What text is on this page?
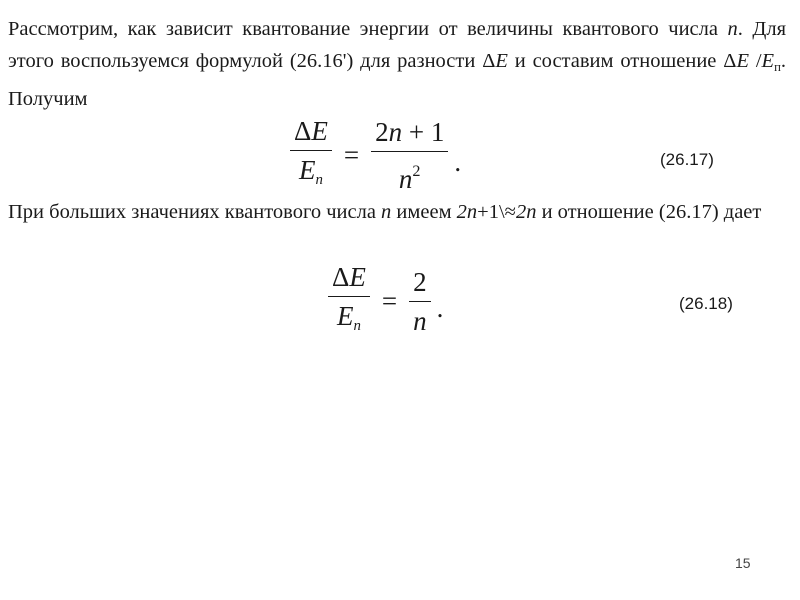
Рассмотрим, как зависит квантование энергии от величины квантового числа n. Для этого воспользуемся формулой (26.16') для разности ΔE и составим отношение ΔE $/E_п$. Получим

$\frac{\Delta E}{En} = \frac{2n + 1}{n^2}$ .	(26.17)

При больших значениях квантового числа n имеем 2n+1\≈2n и отношение (26.17) дает

$\frac{\Delta E}{En} = \frac{2}{n}$ .	(26.18)
15
